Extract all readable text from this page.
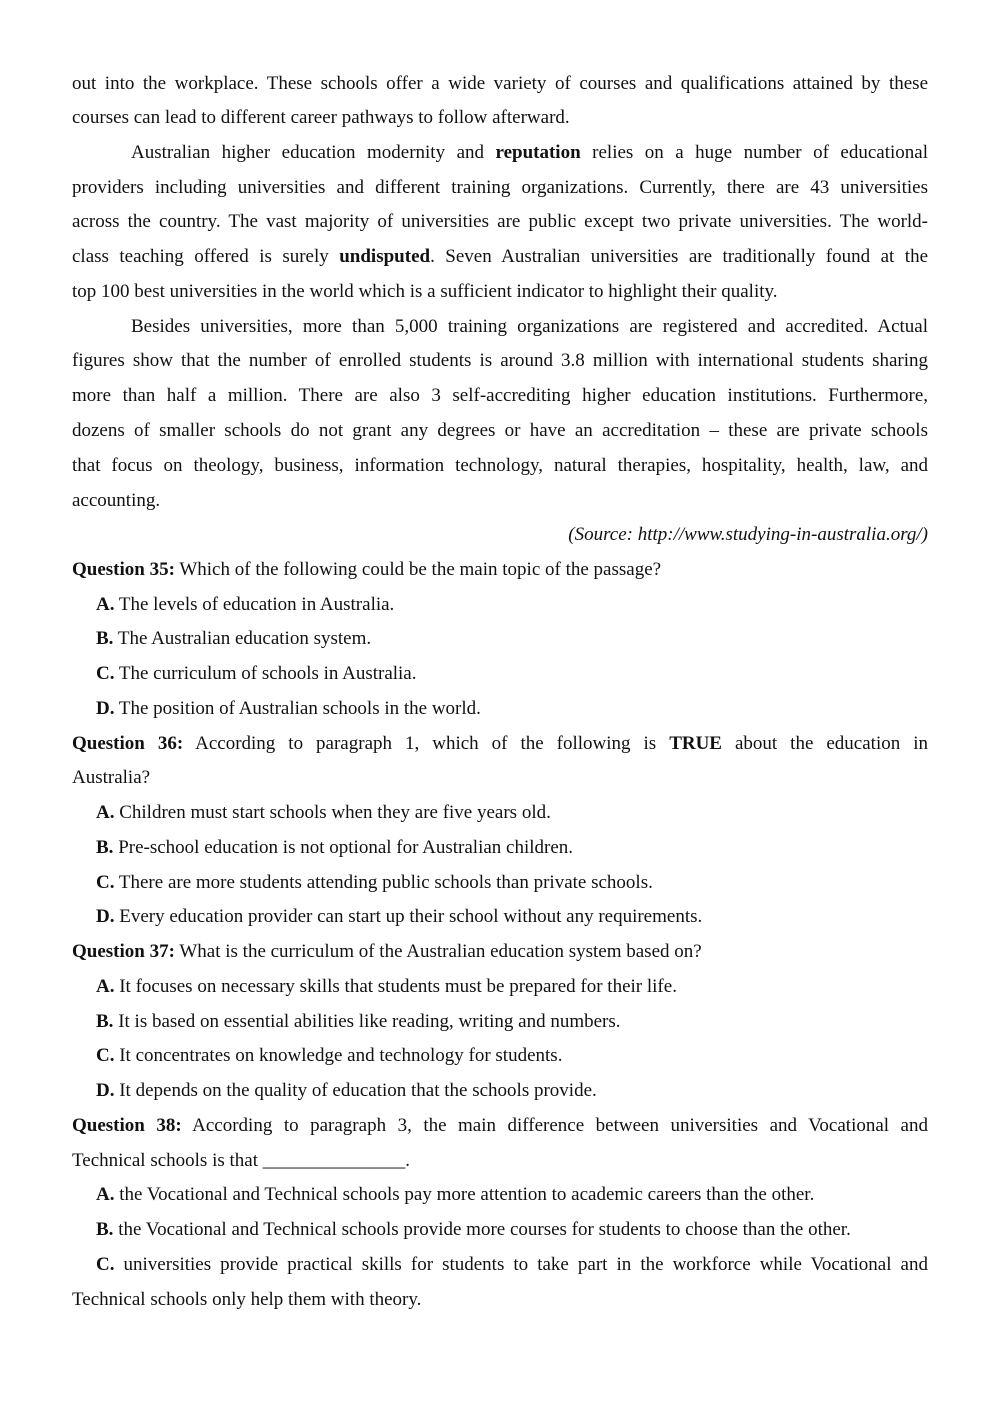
out into the workplace. These schools offer a wide variety of courses and qualifications attained by these
courses can lead to different career pathways to follow afterward.
Australian higher education modernity and reputation relies on a huge number of educational
providers including universities and different training organizations. Currently, there are 43 universities
across the country. The vast majority of universities are public except two private universities. The world-
class teaching offered is surely undisputed. Seven Australian universities are traditionally found at the
top 100 best universities in the world which is a sufficient indicator to highlight their quality.
Besides universities, more than 5,000 training organizations are registered and accredited. Actual
figures show that the number of enrolled students is around 3.8 million with international students sharing
more than half a million. There are also 3 self-accrediting higher education institutions. Furthermore,
dozens of smaller schools do not grant any degrees or have an accreditation – these are private schools
that focus on theology, business, information technology, natural therapies, hospitality, health, law, and
accounting.
(Source: http://www.studying-in-australia.org/)
Question 35: Which of the following could be the main topic of the passage?
A. The levels of education in Australia.
B. The Australian education system.
C. The curriculum of schools in Australia.
D. The position of Australian schools in the world.
Question 36: According to paragraph 1, which of the following is TRUE about the education in
Australia?
A. Children must start schools when they are five years old.
B. Pre-school education is not optional for Australian children.
C. There are more students attending public schools than private schools.
D. Every education provider can start up their school without any requirements.
Question 37: What is the curriculum of the Australian education system based on?
A. It focuses on necessary skills that students must be prepared for their life.
B. It is based on essential abilities like reading, writing and numbers.
C. It concentrates on knowledge and technology for students.
D. It depends on the quality of education that the schools provide.
Question 38: According to paragraph 3, the main difference between universities and Vocational and
Technical schools is that _______________.
A. the Vocational and Technical schools pay more attention to academic careers than the other.
B. the Vocational and Technical schools provide more courses for students to choose than the other.
C. universities provide practical skills for students to take part in the workforce while Vocational and
Technical schools only help them with theory.
